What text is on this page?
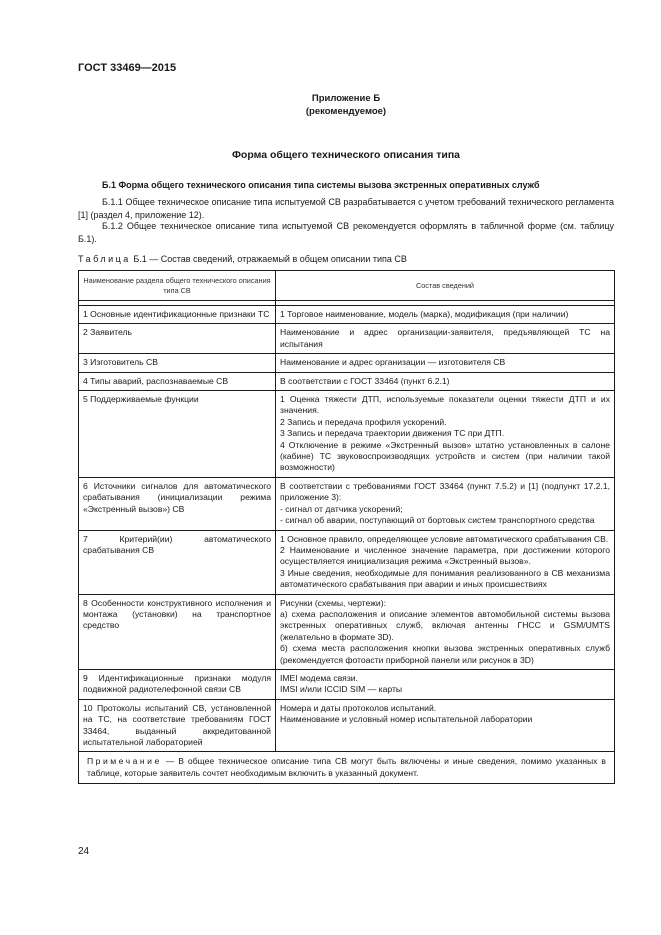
ГОСТ 33469—2015
Приложение Б
(рекомендуемое)
Форма общего технического описания типа
Б.1 Форма общего технического описания типа системы вызова экстренных оперативных служб
Б.1.1 Общее техническое описание типа испытуемой СВ разрабатывается с учетом требований технического регламента [1] (раздел 4, приложение 12).
Б.1.2 Общее техническое описание типа испытуемой СВ рекомендуется оформлять в табличной форме (см. таблицу Б.1).
Таблица Б.1 — Состав сведений, отражаемый в общем описании типа СВ
Наименование раздела общего технического описания типа СВ	Состав сведений

1 Основные идентификационные признаки ТС	1 Торговое наименование, модель (марка), модификация (при наличии)

2 Заявитель	Наименование и адрес организации-заявителя, предъявляющей ТС на испытания

3 Изготовитель СВ	Наименование и адрес организации — изготовителя СВ

4 Типы аварий, распознаваемые СВ	В соответствии с ГОСТ 33464 (пункт 6.2.1)

5 Поддерживаемые функции	1 Оценка тяжести ДТП, используемые показатели оценки тяжести ДТП и их значения.
2 Запись и передача профиля ускорений.
3 Запись и передача траектории движения ТС при ДТП.
4 Отключение в режиме «Экстренный вызов» штатно установленных в салоне (кабине) ТС звуковоспроизводящих устройств и систем (при наличии такой возможности)

6 Источники сигналов для автоматического срабатывания (инициализации режима «Экстренный вызов») СВ	В соответствии с требованиями ГОСТ 33464 (пункт 7.5.2) и [1] (подпункт 17.2.1, приложение 3):
- сигнал от датчика ускорений;
- сигнал об аварии, поступающий от бортовых систем транспортного средства

7 Критерий(ии) автоматического срабатывания СВ	1 Основное правило, определяющее условие автоматического срабатывания СВ.
2 Наименование и численное значение параметра, при достижении которого осуществляется инициализация режима «Экстренный вызов».
3 Иные сведения, необходимые для понимания реализованного в СВ механизма автоматического срабатывания при аварии и иных происшествиях

8 Особенности конструктивного исполнения и монтажа (установки) на транспортное средство	Рисунки (схемы, чертежи):
а) схема расположения и описание элементов автомобильной системы вызова экстренных оперативных служб, включая антенны ГНСС и GSM/UMTS (желательно в формате 3D).
б) схема места расположения кнопки вызова экстренных оперативных служб (рекомендуется фотоасти приборной панели или рисунок в 3D)

9 Идентификационные признаки модуля подвижной радиотелефонной связи СВ	IMEI модема связи.
IMSI и/или ICCID SIM — карты

10 Протоколы испытаний СВ, установленной на ТС, на соответствие требованиям ГОСТ 33464, выданный аккредитованной испытательной лабораторией	Номера и даты протоколов испытаний.
Наименование и условный номер испытательной лаборатории

Примечание — В общее техническое описание типа СВ могут быть включены и иные сведения, помимо указанных в таблице, которые заявитель сочтет необходимым включить в указанный документ.	
24
